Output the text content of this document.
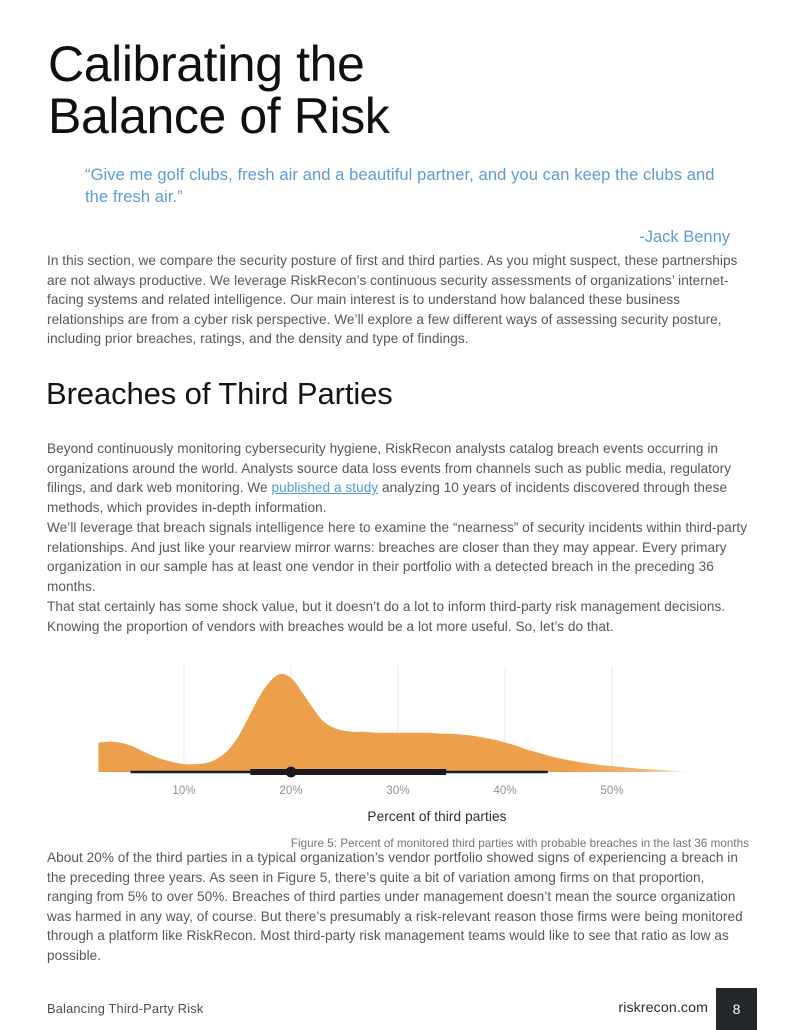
Calibrating the
Balance of Risk
“Give me golf clubs, fresh air and a beautiful partner, and you can keep the clubs and the fresh air.”
-Jack Benny

In this section, we compare the security posture of first and third parties. As you might suspect, these partnerships are not always productive. We leverage RiskRecon’s continuous security assessments of organizations’ internet-facing systems and related intelligence. Our main interest is to understand how balanced these business relationships are from a cyber risk perspective. We’ll explore a few different ways of assessing security posture, including prior breaches, ratings, and the density and type of findings.

Breaches of Third Parties

Beyond continuously monitoring cybersecurity hygiene, RiskRecon analysts catalog breach events occurring in organizations around the world. Analysts source data loss events from channels such as public media, regulatory filings, and dark web monitoring. We published a study analyzing 10 years of incidents discovered through these methods, which provides in-depth information.

We’ll leverage that breach signals intelligence here to examine the “nearness” of security incidents within third-party relationships. And just like your rearview mirror warns: breaches are closer than they may appear. Every primary organization in our sample has at least one vendor in their portfolio with a detected breach in the preceding 36 months.

That stat certainly has some shock value, but it doesn’t do a lot to inform third-party risk management decisions. Knowing the proportion of vendors with breaches would be a lot more useful. So, let’s do that.

10%	20%	30%	40%	50%
Percent of third parties
Figure 5: Percent of monitored third parties with probable breaches in the last 36 months

About 20% of the third parties in a typical organization’s vendor portfolio showed signs of experiencing a breach in the preceding three years. As seen in Figure 5, there’s quite a bit of variation among firms on that proportion, ranging from 5% to over 50%. Breaches of third parties under management doesn’t mean the source organization was harmed in any way, of course. But there’s presumably a risk-relevant reason those firms were being monitored through a platform like RiskRecon. Most third-party risk management teams would like to see that ratio as low as possible.

Balancing Third-Party Risk	riskrecon.com	8
